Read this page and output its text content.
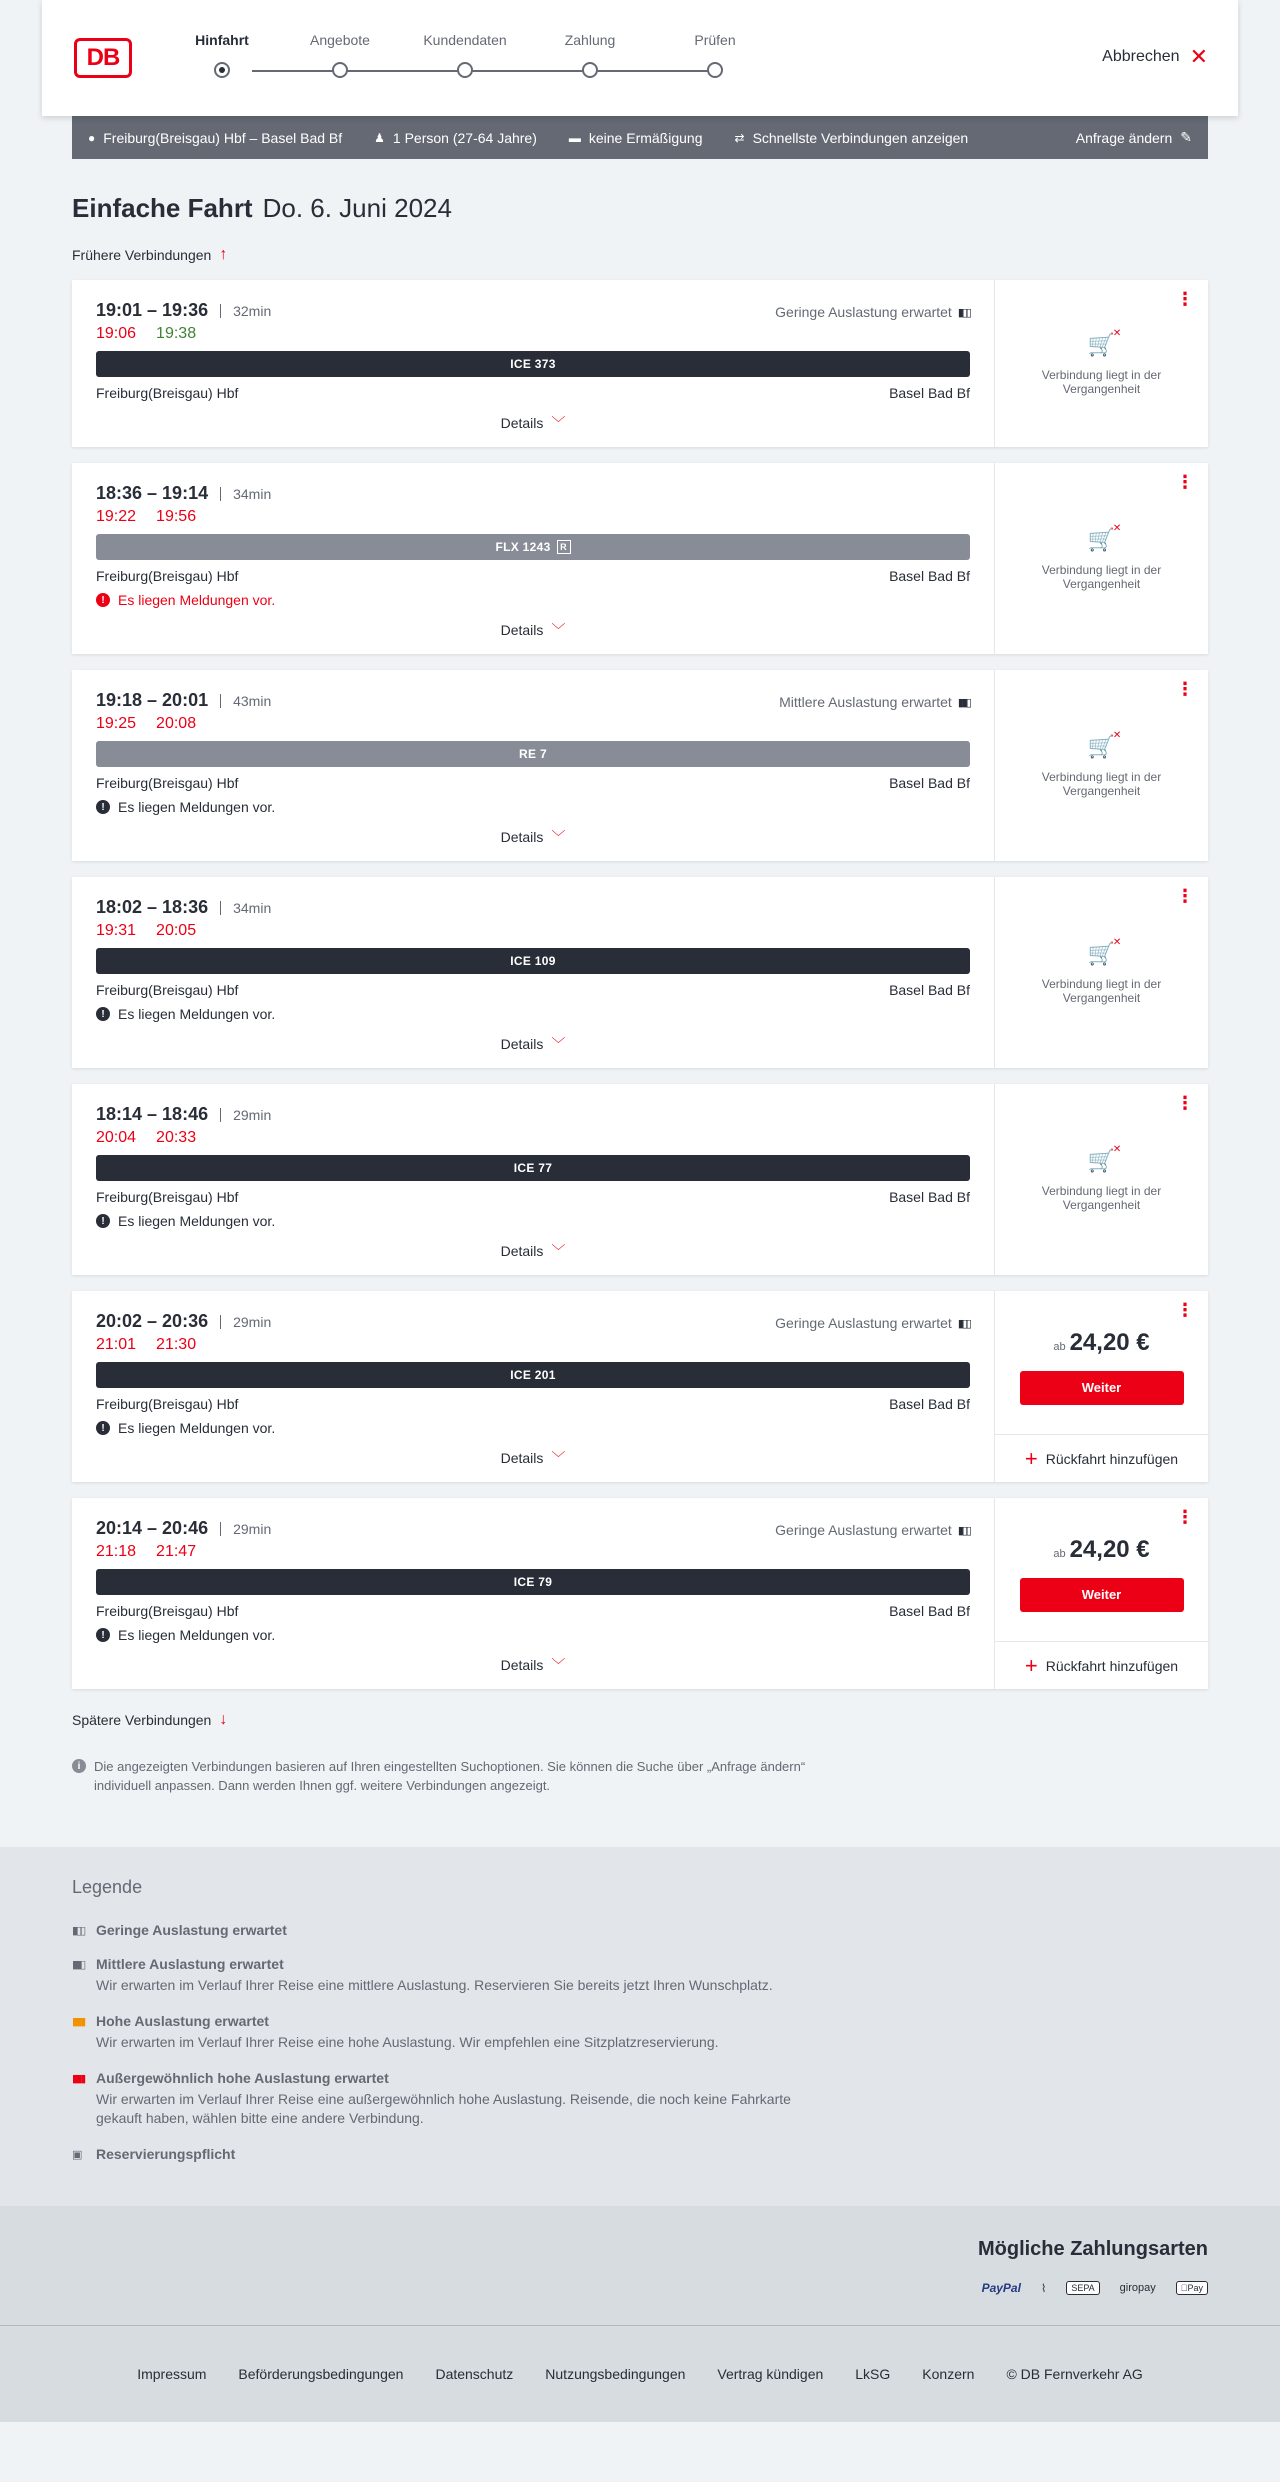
DB
Hinfahrt	Angebote	Kundendaten	Zahlung	Prüfen
Abbrechen ✕
● Freiburg(Breisgau) Hbf – Basel Bad Bf	♟ 1 Person (27-64 Jahre)	▬ keine Ermäßigung	⇄ Schnellste Verbindungen anzeigen	Anfrage ändern ✎
Einfache Fahrt Do. 6. Juni 2024
Frühere Verbindungen ↑
19:01 – 19:36	32min	Geringe Auslastung erwartet ▮▯▯
19:06 19:38
ICE 373
Freiburg(Breisgau) Hbf	Basel Bad Bf
Details ﹀
⋮
🛒
✕
Verbindung liegt in der Vergangenheit
18:36 – 19:14	34min
19:22 19:56
FLX 1243	R
Freiburg(Breisgau) Hbf	Basel Bad Bf
! Es liegen Meldungen vor.
Details ﹀
⋮
🛒
✕
Verbindung liegt in der Vergangenheit
19:18 – 20:01	43min	Mittlere Auslastung erwartet ▮▮▯
19:25 20:08
RE 7
Freiburg(Breisgau) Hbf	Basel Bad Bf
! Es liegen Meldungen vor.
Details ﹀
⋮
🛒
✕
Verbindung liegt in der Vergangenheit
18:02 – 18:36	34min
19:31 20:05
ICE 109
Freiburg(Breisgau) Hbf	Basel Bad Bf
! Es liegen Meldungen vor.
Details ﹀
⋮
🛒
✕
Verbindung liegt in der Vergangenheit
18:14 – 18:46	29min
20:04 20:33
ICE 77
Freiburg(Breisgau) Hbf	Basel Bad Bf
! Es liegen Meldungen vor.
Details ﹀
⋮
🛒
✕
Verbindung liegt in der Vergangenheit
20:02 – 20:36	29min	Geringe Auslastung erwartet ▮▯▯
21:01 21:30
ICE 201
Freiburg(Breisgau) Hbf	Basel Bad Bf
! Es liegen Meldungen vor.
Details ﹀
⋮
ab 24,20 €
Weiter
+ Rückfahrt hinzufügen
20:14 – 20:46	29min	Geringe Auslastung erwartet ▮▯▯
21:18 21:47
ICE 79
Freiburg(Breisgau) Hbf	Basel Bad Bf
! Es liegen Meldungen vor.
Details ﹀
⋮
ab 24,20 €
Weiter
+ Rückfahrt hinzufügen
Spätere Verbindungen ↓
i	Die angezeigten Verbindungen basieren auf Ihren eingestellten Suchoptionen. Sie können die Suche über „Anfrage ändern“ individuell anpassen. Dann werden Ihnen ggf. weitere Verbindungen angezeigt.
Legende
▮▯▯ Geringe Auslastung erwartet
▮▮▯ Mittlere Auslastung erwartet
Wir erwarten im Verlauf Ihrer Reise eine mittlere Auslastung. Reservieren Sie bereits jetzt Ihren Wunschplatz.
▮▮▮ Hohe Auslastung erwartet
Wir erwarten im Verlauf Ihrer Reise eine hohe Auslastung. Wir empfehlen eine Sitzplatzreservierung.
▮▮▮ Außergewöhnlich hohe Auslastung erwartet
Wir erwarten im Verlauf Ihrer Reise eine außergewöhnlich hohe Auslastung. Reisende, die noch keine Fahrkarte gekauft haben, wählen bitte eine andere Verbindung.
▣	Reservierungspflicht
Mögliche Zahlungsarten
PayPal	⌇	SEPA	giropay	Pay
Impressum Beförderungsbedingungen Datenschutz Nutzungsbedingungen Vertrag kündigen LkSG Konzern © DB Fernverkehr AG
